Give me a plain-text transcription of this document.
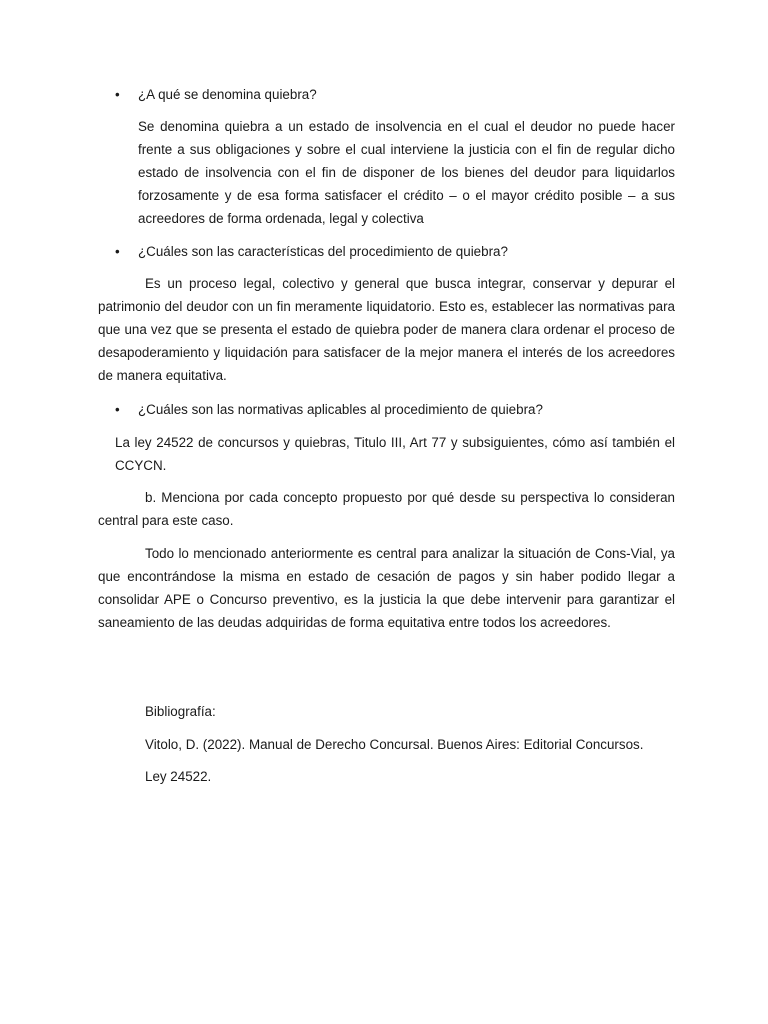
•	¿A qué se denomina quiebra?

Se denomina quiebra a un estado de insolvencia en el cual el deudor no puede hacer frente a sus obligaciones y sobre el cual interviene la justicia con el fin de regular dicho estado de insolvencia con el fin de disponer de los bienes del deudor para liquidarlos forzosamente y de esa forma satisfacer el crédito – o el mayor crédito posible – a sus acreedores de forma ordenada, legal y colectiva

•	¿Cuáles son las características del procedimiento de quiebra?

Es un proceso legal, colectivo y general que busca integrar, conservar y depurar el patrimonio del deudor con un fin meramente liquidatorio. Esto es, establecer las normativas para que una vez que se presenta el estado de quiebra poder de manera clara ordenar el proceso de desapoderamiento y liquidación para satisfacer de la mejor manera el interés de los acreedores de manera equitativa.

•	¿Cuáles son las normativas aplicables al procedimiento de quiebra?

La ley 24522 de concursos y quiebras, Titulo III, Art 77 y subsiguientes, cómo así también el CCYCN.

b. Menciona por cada concepto propuesto por qué desde su perspectiva lo consideran central para este caso.

Todo lo mencionado anteriormente es central para analizar la situación de Cons-Vial, ya que encontrándose la misma en estado de cesación de pagos y sin haber podido llegar a consolidar APE o Concurso preventivo, es la justicia la que debe intervenir para garantizar el saneamiento de las deudas adquiridas de forma equitativa entre todos los acreedores.

Bibliografía:
Vitolo, D. (2022). Manual de Derecho Concursal. Buenos Aires: Editorial Concursos.
Ley 24522.
